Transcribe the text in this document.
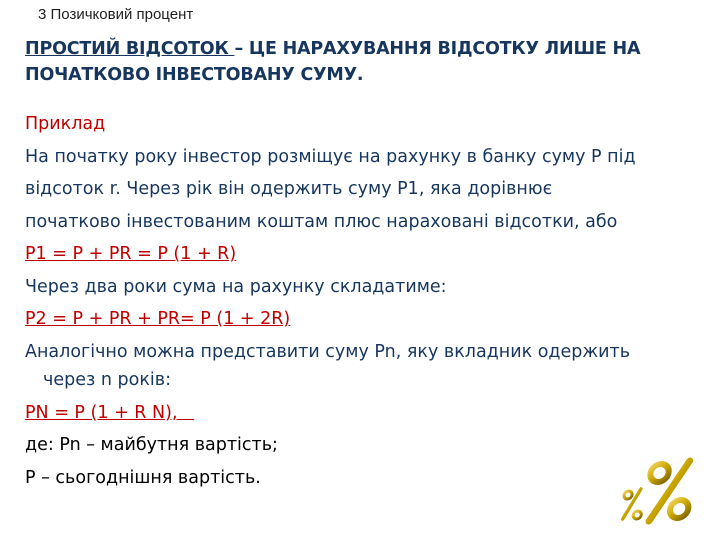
3 Позичковий процент
ПРОСТИЙ ВІДСОТОК – ЦЕ НАРАХУВАННЯ ВІДСОТКУ ЛИШЕ НА
ПОЧАТКОВО ІНВЕСТОВАНУ СУМУ.
Приклад
На початку року інвестор розміщує на рахунку в банку суму P під
відсоток r. Через рік він одержить суму P1, яка дорівнює
початково інвестованим коштам плюс нараховані відсотки, або
P1 = P + PR = P (1 + R)
Через два роки сума на рахунку складатиме:
P2 = P + PR + PR= P (1 + 2R)
Аналогічно можна представити суму Pn, яку вкладник одержить
через n років:
PN = P (1 + R N),
де: Pn – майбутня вартість;
P – сьогоднішня вартість.
